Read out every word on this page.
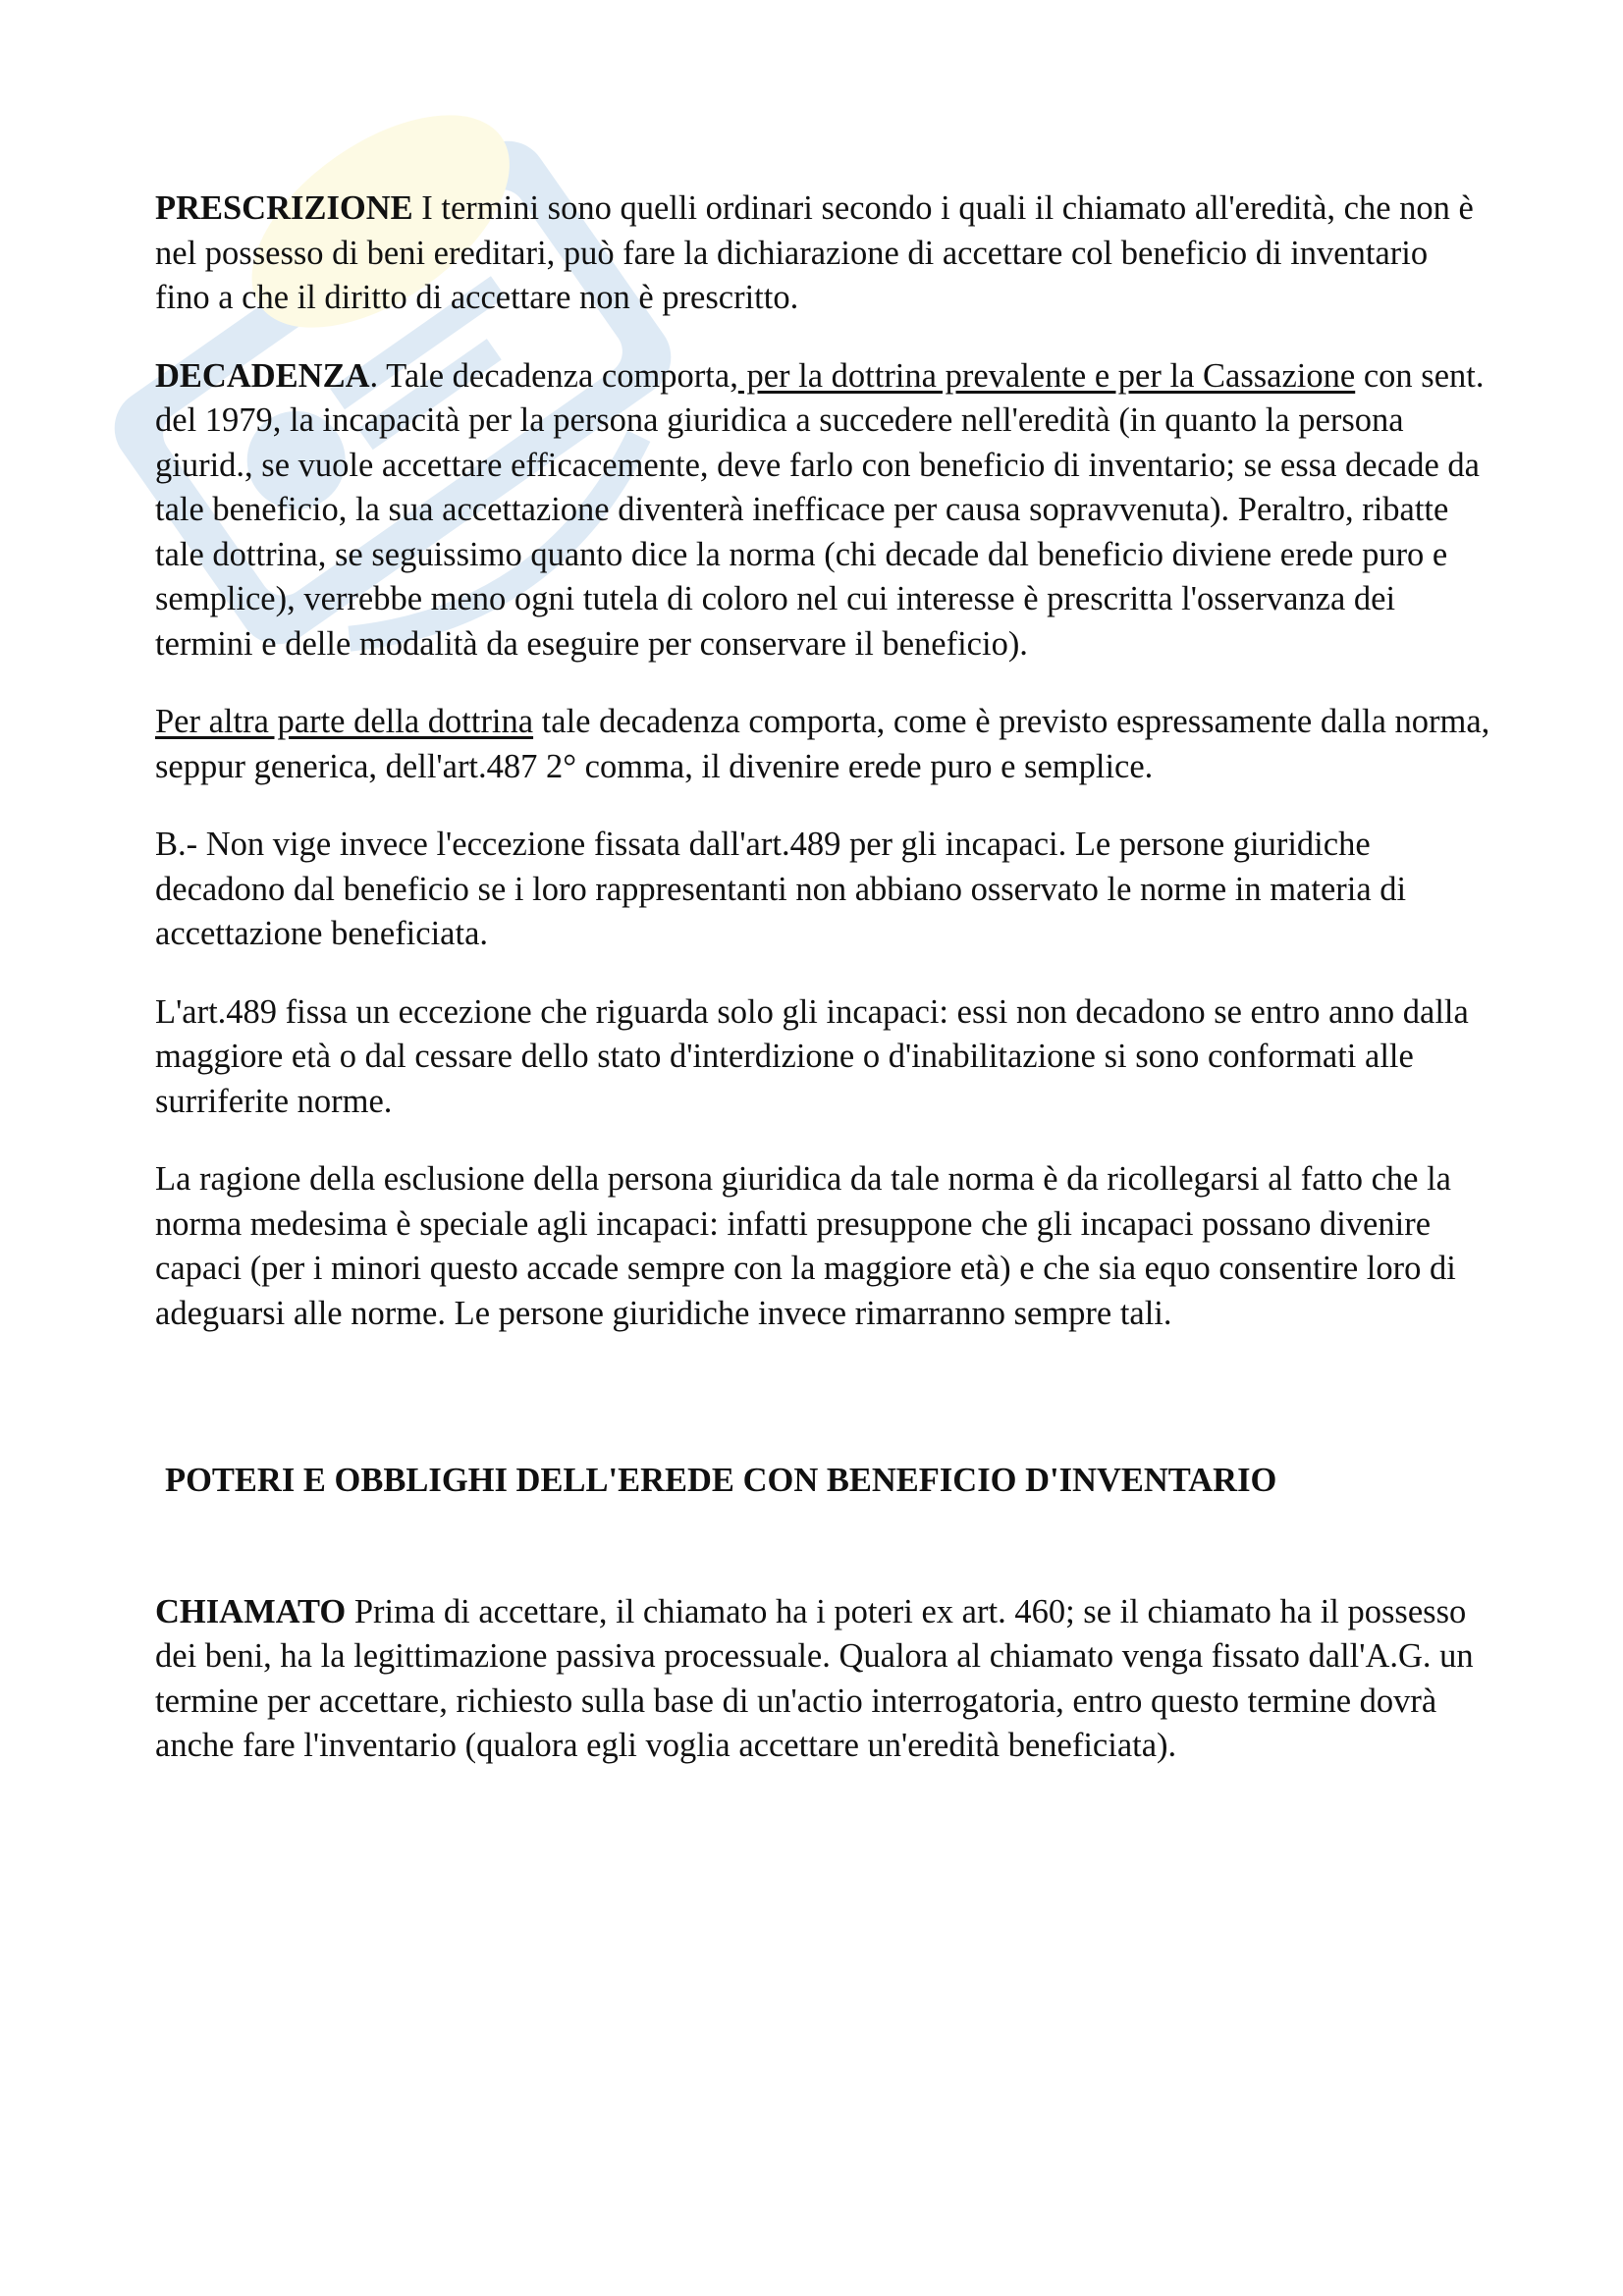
PRESCRIZIONE I termini sono quelli ordinari secondo i quali il chiamato all'eredità, che non è nel possesso di beni ereditari, può fare la dichiarazione di accettare col beneficio di inventario fino a che il diritto di accettare non è prescritto.

DECADENZA. Tale decadenza comporta, per la dottrina prevalente e per la Cassazione con sent. del 1979, la incapacità per la persona giuridica a succedere nell'eredità (in quanto la persona giurid., se vuole accettare efficacemente, deve farlo con beneficio di inventario; se essa decade da tale beneficio, la sua accettazione diventerà inefficace per causa sopravvenuta). Peraltro, ribatte tale dottrina, se seguissimo quanto dice la norma (chi decade dal beneficio diviene erede puro e semplice), verrebbe meno ogni tutela di coloro nel cui interesse è prescritta l'osservanza dei termini e delle modalità da eseguire per conservare il beneficio).

Per altra parte della dottrina tale decadenza comporta, come è previsto espressamente dalla norma, seppur generica, dell'art.487 2° comma, il divenire erede puro e semplice.

B.- Non vige invece l'eccezione fissata dall'art.489 per gli incapaci. Le persone giuridiche decadono dal beneficio se i loro rappresentanti non abbiano osservato le norme in materia di accettazione beneficiata.

L'art.489 fissa un eccezione che riguarda solo gli incapaci: essi non decadono se entro anno dalla maggiore età o dal cessare dello stato d'interdizione o d'inabilitazione si sono conformati alle surriferite norme.

La ragione della esclusione della persona giuridica da tale norma è da ricollegarsi al fatto che la norma medesima è speciale agli incapaci: infatti presuppone che gli incapaci possano divenire capaci (per i minori questo accade sempre con la maggiore età) e che sia equo consentire loro di adeguarsi alle norme. Le persone giuridiche invece rimarranno sempre tali.

POTERI E OBBLIGHI DELL'EREDE CON BENEFICIO D'INVENTARIO

CHIAMATO Prima di accettare, il chiamato ha i poteri ex art. 460; se il chiamato ha il possesso dei beni, ha la legittimazione passiva processuale. Qualora al chiamato venga fissato dall'A.G. un termine per accettare, richiesto sulla base di un'actio interrogatoria, entro questo termine dovrà anche fare l'inventario (qualora egli voglia accettare un'eredità beneficiata).
